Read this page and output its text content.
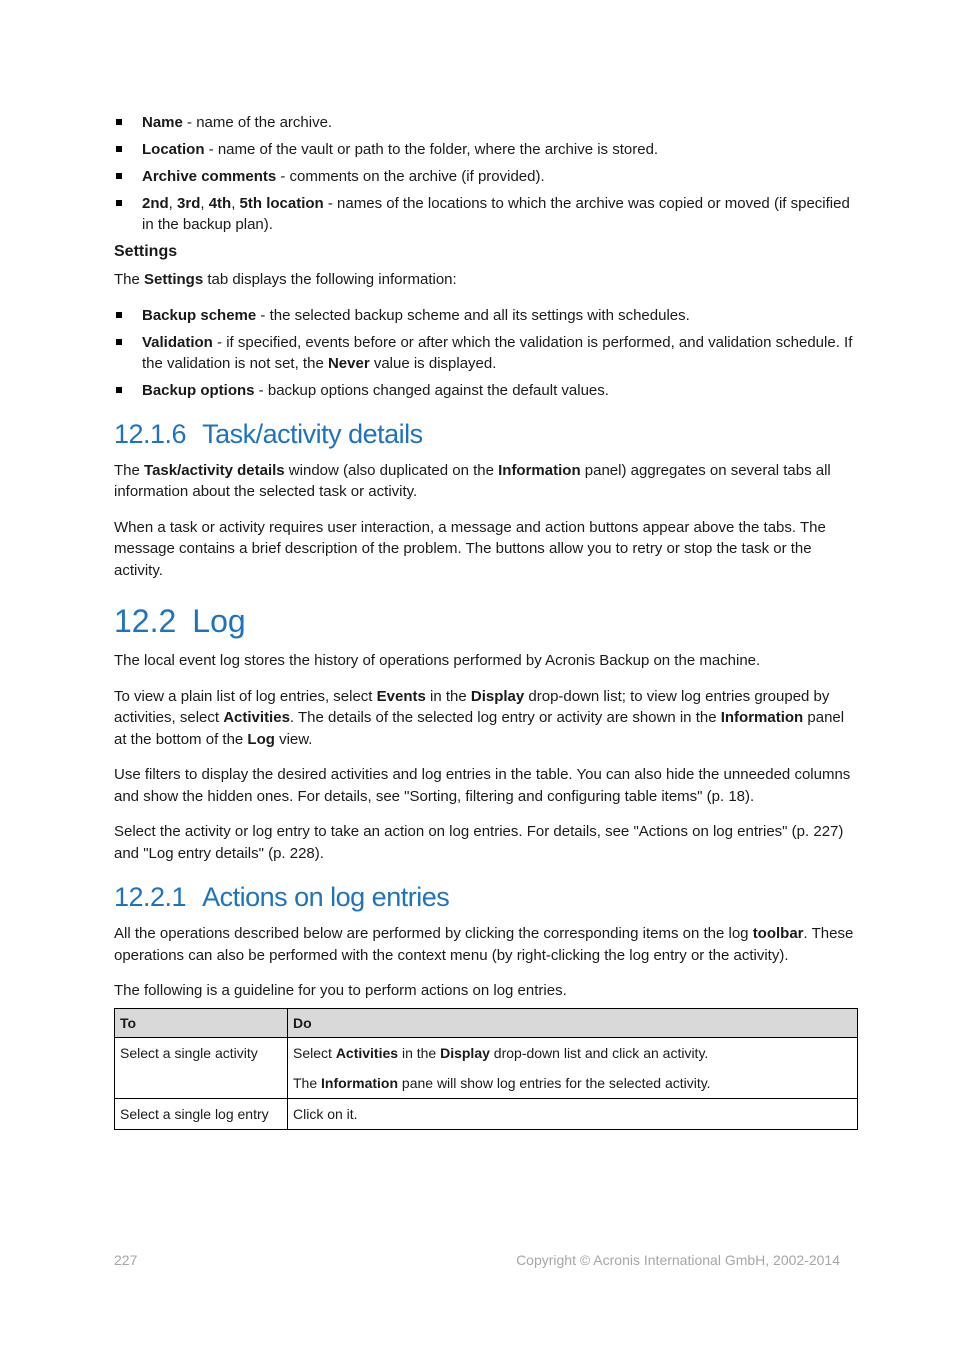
Name - name of the archive.
Location - name of the vault or path to the folder, where the archive is stored.
Archive comments - comments on the archive (if provided).
2nd, 3rd, 4th, 5th location - names of the locations to which the archive was copied or moved (if specified in the backup plan).
Settings

The Settings tab displays the following information:

Backup scheme - the selected backup scheme and all its settings with schedules.
Validation - if specified, events before or after which the validation is performed, and validation schedule. If the validation is not set, the Never value is displayed.
Backup options - backup options changed against the default values.
12.1.6 Task/activity details

The Task/activity details window (also duplicated on the Information panel) aggregates on several tabs all information about the selected task or activity.

When a task or activity requires user interaction, a message and action buttons appear above the tabs. The message contains a brief description of the problem. The buttons allow you to retry or stop the task or the activity.

12.2 Log

The local event log stores the history of operations performed by Acronis Backup on the machine.

To view a plain list of log entries, select Events in the Display drop-down list; to view log entries grouped by activities, select Activities. The details of the selected log entry or activity are shown in the Information panel at the bottom of the Log view.

Use filters to display the desired activities and log entries in the table. You can also hide the unneeded columns and show the hidden ones. For details, see "Sorting, filtering and configuring table items" (p. 18).

Select the activity or log entry to take an action on log entries. For details, see "Actions on log entries" (p. 227) and "Log entry details" (p. 228).

12.2.1 Actions on log entries

All the operations described below are performed by clicking the corresponding items on the log toolbar. These operations can also be performed with the context menu (by right-clicking the log entry or the activity).

The following is a guideline for you to perform actions on log entries.

To	Do
Select a single activity	Select Activities in the Display drop-down list and click an activity.

The Information pane will show log entries for the selected activity.

Select a single log entry	Click on it.
227	Copyright © Acronis International GmbH, 2002-2014
